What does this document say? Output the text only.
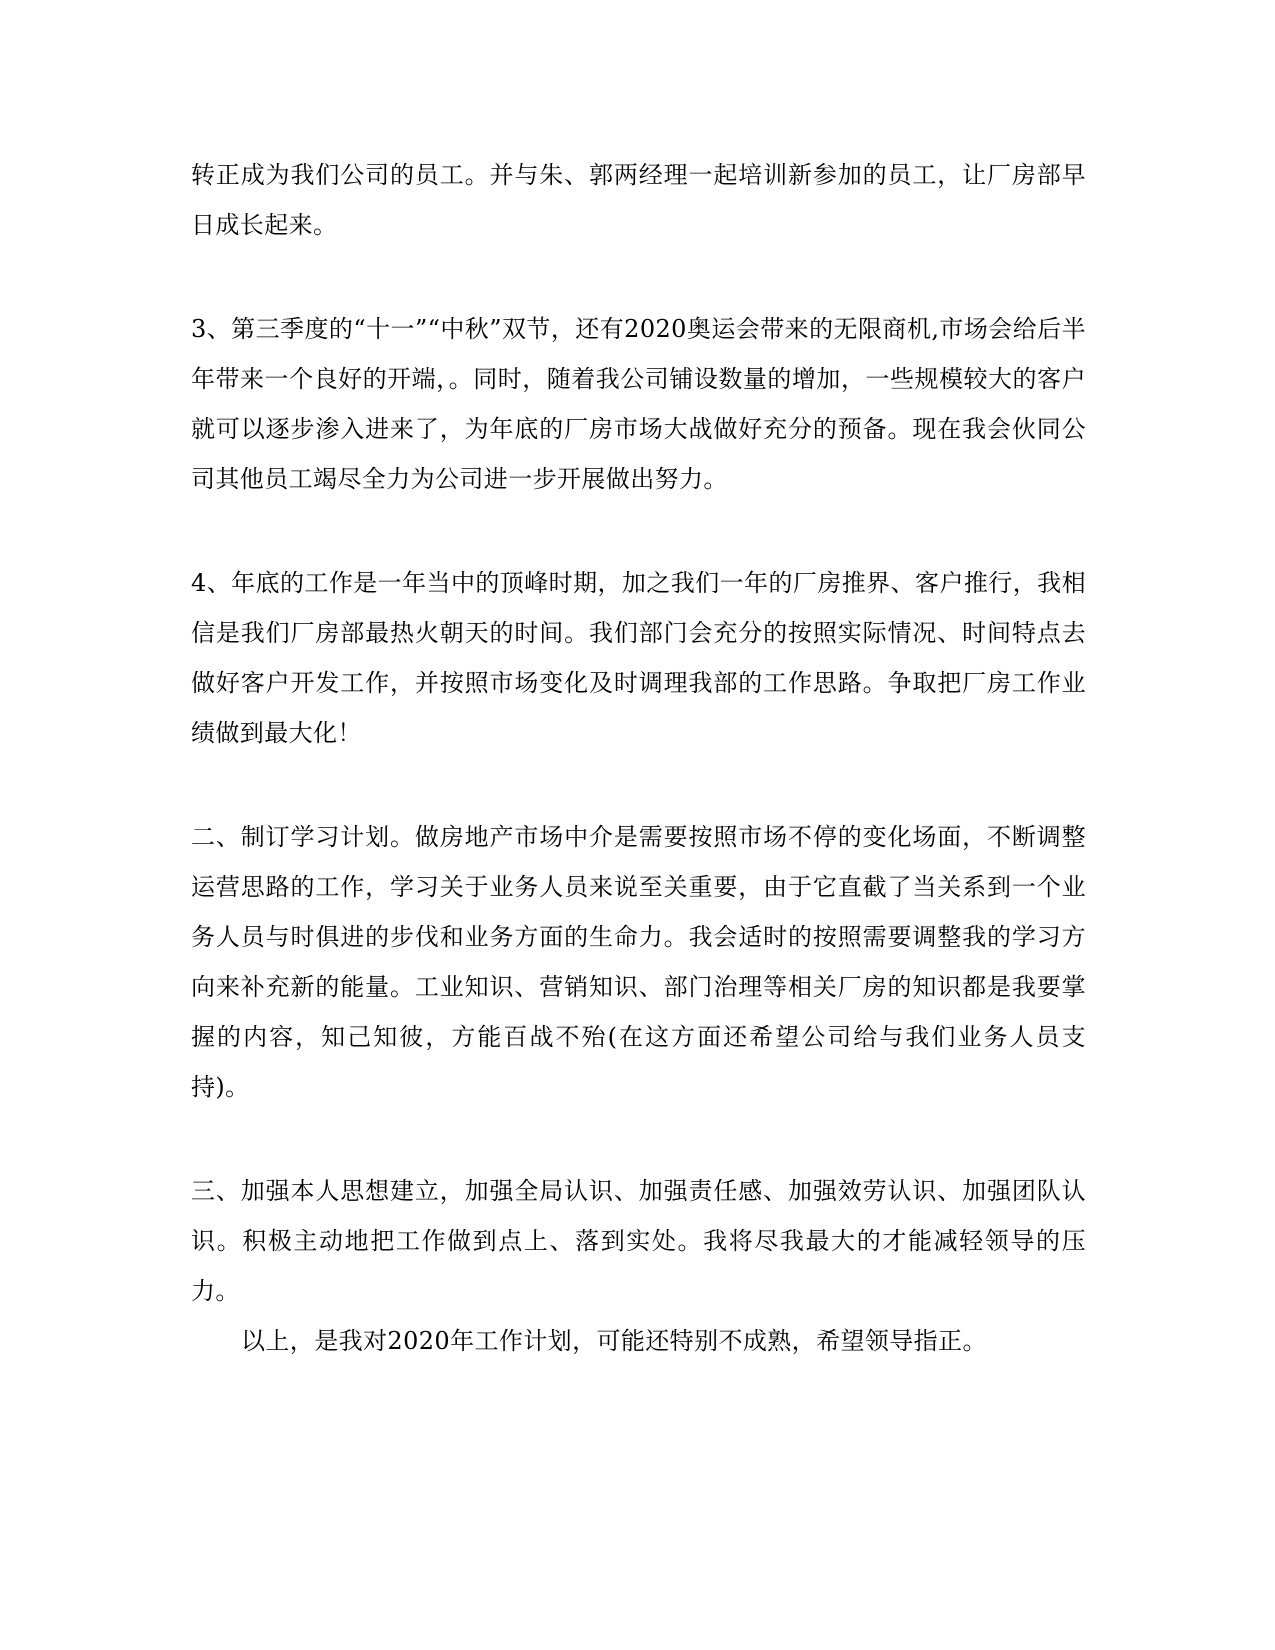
转正成为我们公司的员工。并与朱、郭两经理一起培训新参加的员工，让厂房部早日成长起来。

3、第三季度的“十一”“中秋”双节，还有2020奥运会带来的无限商机,市场会给后半年带来一个良好的开端，。同时，随着我公司铺设数量的增加，一些规模较大的客户就可以逐步渗入进来了，为年底的厂房市场大战做好充分的预备。现在我会伙同公司其他员工竭尽全力为公司进一步开展做出努力。

4、年底的工作是一年当中的顶峰时期，加之我们一年的厂房推界、客户推行，我相信是我们厂房部最热火朝天的时间。我们部门会充分的按照实际情况、时间特点去做好客户开发工作，并按照市场变化及时调理我部的工作思路。争取把厂房工作业绩做到最大化！

二、制订学习计划。做房地产市场中介是需要按照市场不停的变化场面，不断调整运营思路的工作，学习关于业务人员来说至关重要，由于它直截了当关系到一个业务人员与时俱进的步伐和业务方面的生命力。我会适时的按照需要调整我的学习方向来补充新的能量。工业知识、营销知识、部门治理等相关厂房的知识都是我要掌握的内容，知己知彼，方能百战不殆(在这方面还希望公司给与我们业务人员支持)。

三、加强本人思想建立，加强全局认识、加强责任感、加强效劳认识、加强团队认识。积极主动地把工作做到点上、落到实处。我将尽我最大的才能减轻领导的压力。

以上，是我对2020年工作计划，可能还特别不成熟，希望领导指正。
